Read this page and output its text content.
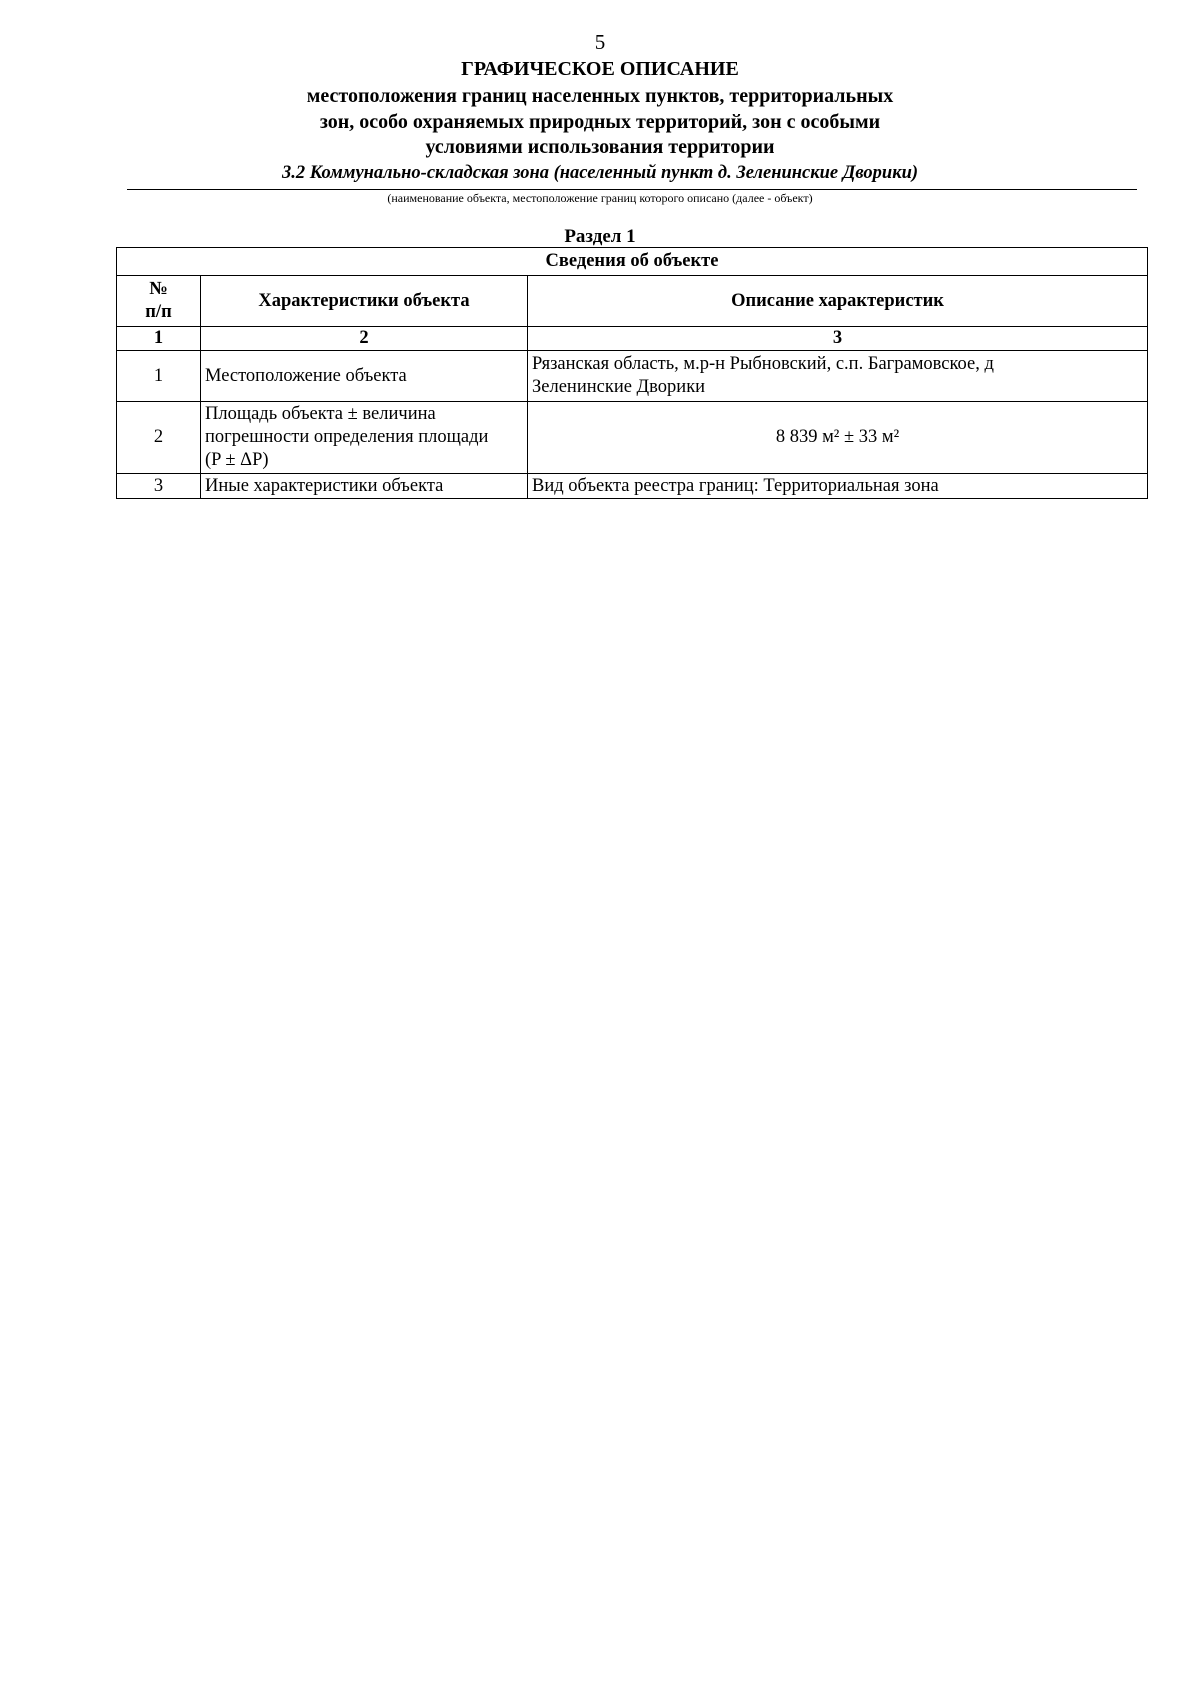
5
ГРАФИЧЕСКОЕ ОПИСАНИЕ
местоположения границ населенных пунктов, территориальных
зон, особо охраняемых природных территорий, зон с особыми
условиями использования территории
3.2 Коммунально-складская зона (населенный пункт д. Зеленинские Дворики)
(наименование объекта, местоположение границ которого описано (далее - объект)
Раздел 1
Сведения об объекте		

№
п/п	Характеристики объекта	Описание характеристик
1	2	3
1	Местоположение объекта	Рязанская область, м.р-н Рыбновский, с.п. Баграмовское, д
Зеленинские Дворики

2	Площадь объекта ± величина
погрешности определения площади
(P ± ΔP)	8 839 м² ± 33 м²

3	Иные характеристики объекта	Вид объекта реестра границ: Территориальная зона
